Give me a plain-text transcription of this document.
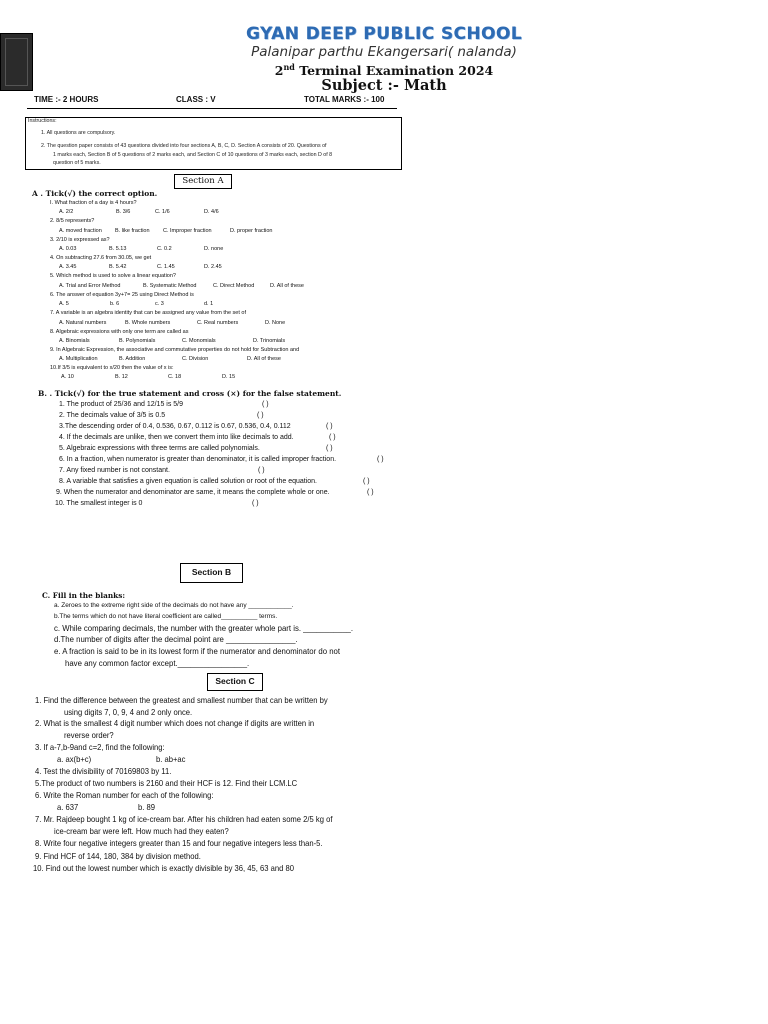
GYAN DEEP PUBLIC SCHOOL
Palanipar parthu Ekangersari( nalanda)
2nd Terminal Examination 2024
Subject :- Math
TIME :- 2 HOURS	CLASS : V	TOTAL MARKS :- 100
Instructions:
1. All questions are compulsory.
2. The question paper consists of 43 questions divided into four sections A, B, C, D. Section A consists of 20. Questions of
1 marks each, Section B of 5 questions of 2 marks each, and Section C of 10 questions of 3 marks each, section D of 8
question of 5 marks.
Section A
A . Tick(√) the correct option.
I. What fraction of a day is 4 hours?
A. 2/2	B. 3/6	C. 1/6	D. 4/6
2. 8/5 represents?
A. moved fraction B. like fraction C. Improper fraction	D. proper fraction
3. 2/10 is expressed as?
A. 0.03	B. 5.13	C. 0.2	D. none
4. On subtracting 27.6 from 30.05, we get
A. 3.45	B. 5.42	C. 1.45	D. 2.45
5. Which method is used to solve a linear equation?
A. Trial and Error Method	B. Systematic Method	C. Direct Method	D. All of these
6. The answer of equation 3y+7= 25 using Direct Method is
A. 5	b. 6	c. 3	d. 1
7. A variable is an algebra identity that can be assigned any value from the set of
A. Natural numbers	B. Whole numbers	C. Real numbers	D. None
8. Algebraic expressions with only one term are called as
A. Binomials	B. Polynomials	C. Monomials	D. Trinomials
9. In Algebraic Expression, the associative and commutative properties do not hold for Subtraction and
A. Multiplication	B. Addition	C. Division	D. All of these
10.If 3/5 is equivalent to x/20 then the value of x is:
A. 10	B. 12	C. 18	D. 15
B. . Tick(√) for the true statement and cross (×) for the false statement.
1. The product of 25/36 and 12/15 is 5/9	( )
2. The decimals value of 3/5 is 0.5	( )
3.The descending order of 0.4, 0.536, 0.67, 0.112 is 0.67, 0.536, 0.4, 0.112	( )
4. If the decimals are unlike, then we convert them into like decimals to add.	( )
5. Algebraic expressions with three terms are called polynomials.	( )
6. In a fraction, when numerator is greater than denominator, it is called improper fraction.	( )
7. Any fixed number is not constant.	( )
8. A variable that satisfies a given equation is called solution or root of the equation.	( )
9. When the numerator and denominator are same, it means the complete whole or one.	( )
10. The smallest integer is 0	( )
Section B
C. Fill in the blanks:
a. Zeroes to the extreme right side of the decimals do not have any ____________.
b.The terms which do not have literal coefficient are called__________ terms.
c. While comparing decimals, the number with the greater whole part is. ___________.
d.The number of digits after the decimal point are ________________.
e. A fraction is said to be in its lowest form if the numerator and denominator do not
have any common factor except.________________.
Section C
1. Find the difference between the greatest and smallest number that can be written by
using digits 7, 0, 9, 4 and 2 only once.
2. What is the smallest 4 digit number which does not change if digits are written in
reverse order?
3. If a-7,b-9and c=2, find the following:
a. ax(b+c)	b. ab+ac
4. Test the divisibility of 70169803 by 11.
5.The product of two numbers is 2160 and their HCF is 12. Find their LCM.LC
6. Write the Roman number for each of the following:
a. 637	b. 89
7. Mr. Rajdeep bought 1 kg of ice-cream bar. After his children had eaten some 2/5 kg of
ice-cream bar were left. How much had they eaten?
8. Write four negative integers greater than 15 and four negative integers less than-5.
9. Find HCF of 144, 180, 384 by division method.
10. Find out the lowest number which is exactly divisible by 36, 45, 63 and 80
